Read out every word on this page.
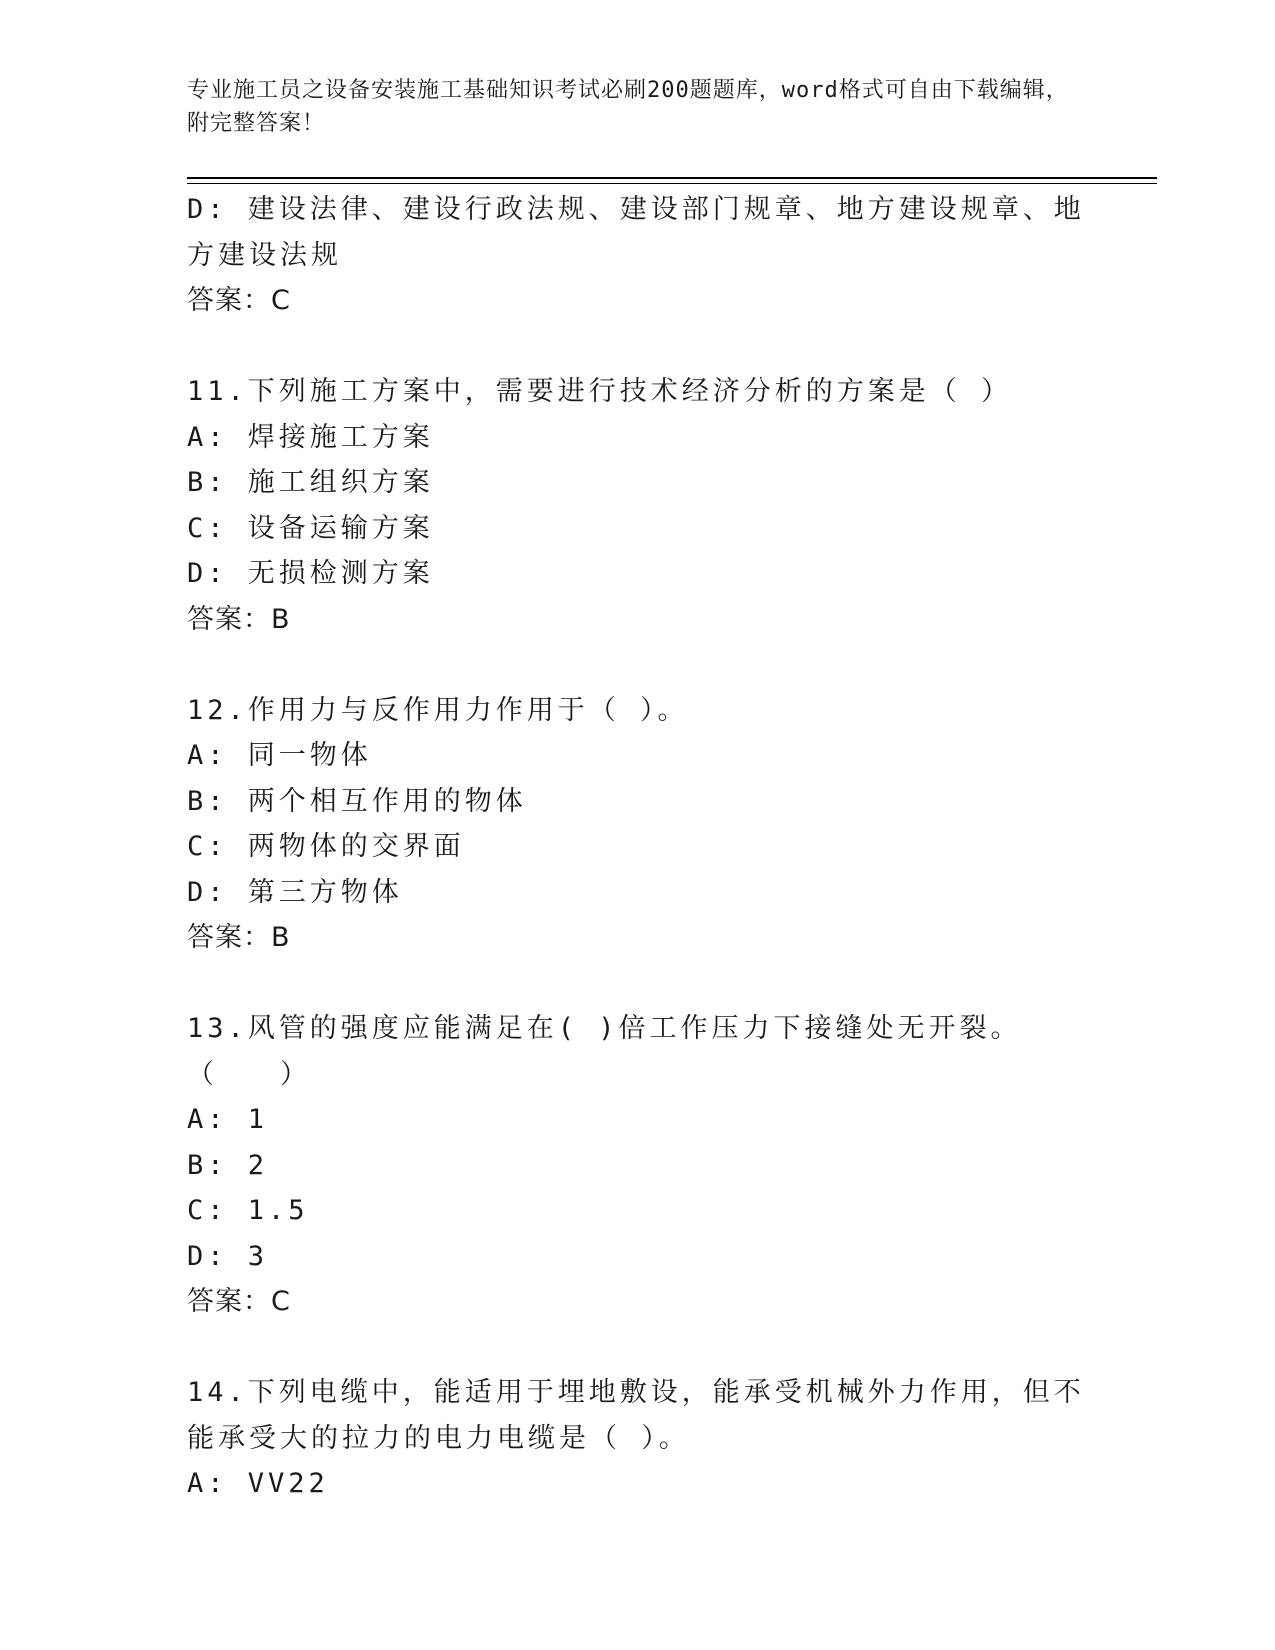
专业施工员之设备安装施工基础知识考试必刷200题题库，word格式可自由下载编辑，附完整答案！
D: 建设法律、建设行政法规、建设部门规章、地方建设规章、地方建设法规
答案：C
11.下列施工方案中，需要进行技术经济分析的方案是（ ）
A: 焊接施工方案
B: 施工组织方案
C: 设备运输方案
D: 无损检测方案
答案：B
12.作用力与反作用力作用于（ ）。
A: 同一物体
B: 两个相互作用的物体
C: 两物体的交界面
D: 第三方物体
答案：B
13.风管的强度应能满足在( )倍工作压力下接缝处无开裂。（　　）
A: 1
B: 2
C: 1.5
D: 3
答案：C
14.下列电缆中，能适用于埋地敷设，能承受机械外力作用，但不能承受大的拉力的电力电缆是（ ）。
A: VV22
